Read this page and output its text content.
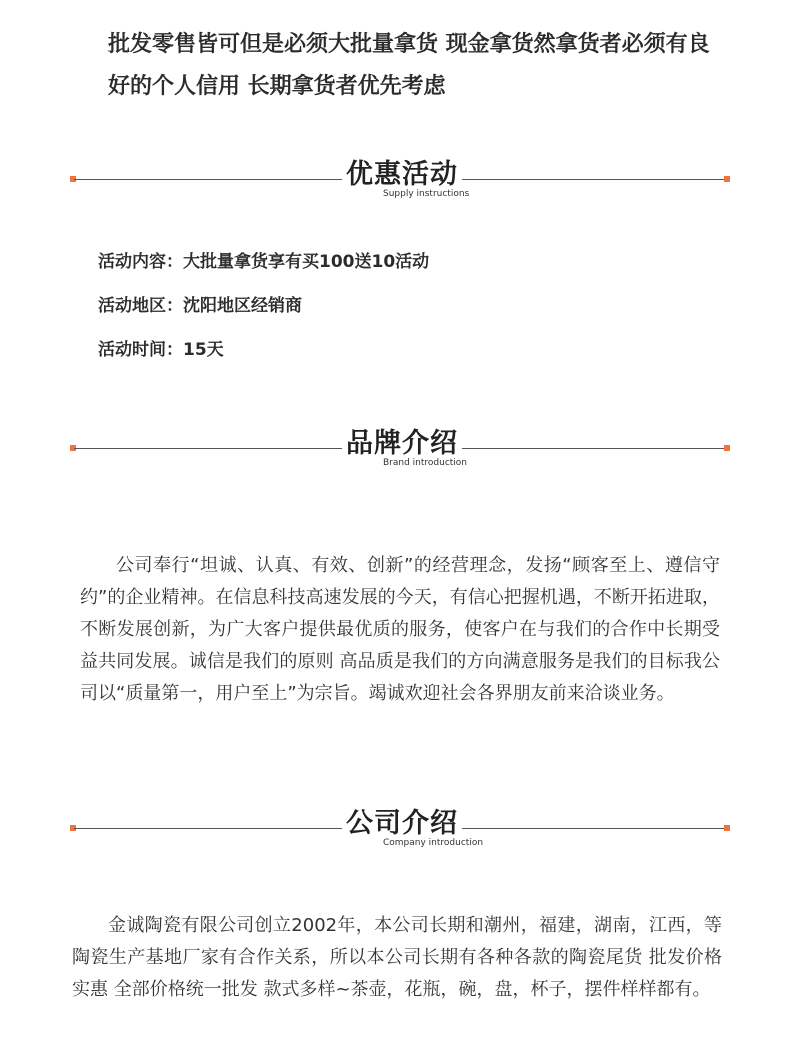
批发零售皆可但是必须大批量拿货 现金拿货然拿货者必须有良好的个人信用 长期拿货者优先考虑

优惠活动
Supply instructions
活动内容：大批量拿货享有买100送10活动
活动地区：沈阳地区经销商
活动时间：15天
品牌介绍
Brand introduction

公司奉行“坦诚、认真、有效、创新”的经营理念，发扬“顾客至上、遵信守约”的企业精神。在信息科技高速发展的今天，有信心把握机遇，不断开拓进取，不断发展创新，为广大客户提供最优质的服务，使客户在与我们的合作中长期受益共同发展。诚信是我们的原则 高品质是我们的方向满意服务是我们的目标我公司以“质量第一，用户至上”为宗旨。竭诚欢迎社会各界朋友前来洽谈业务。

公司介绍
Company introduction

金诚陶瓷有限公司创立2002年，本公司长期和潮州，福建，湖南，江西，等陶瓷生产基地厂家有合作关系，所以本公司长期有各种各款的陶瓷尾货 批发价格实惠 全部价格统一批发 款式多样~茶壶，花瓶，碗，盘，杯子，摆件样样都有。
